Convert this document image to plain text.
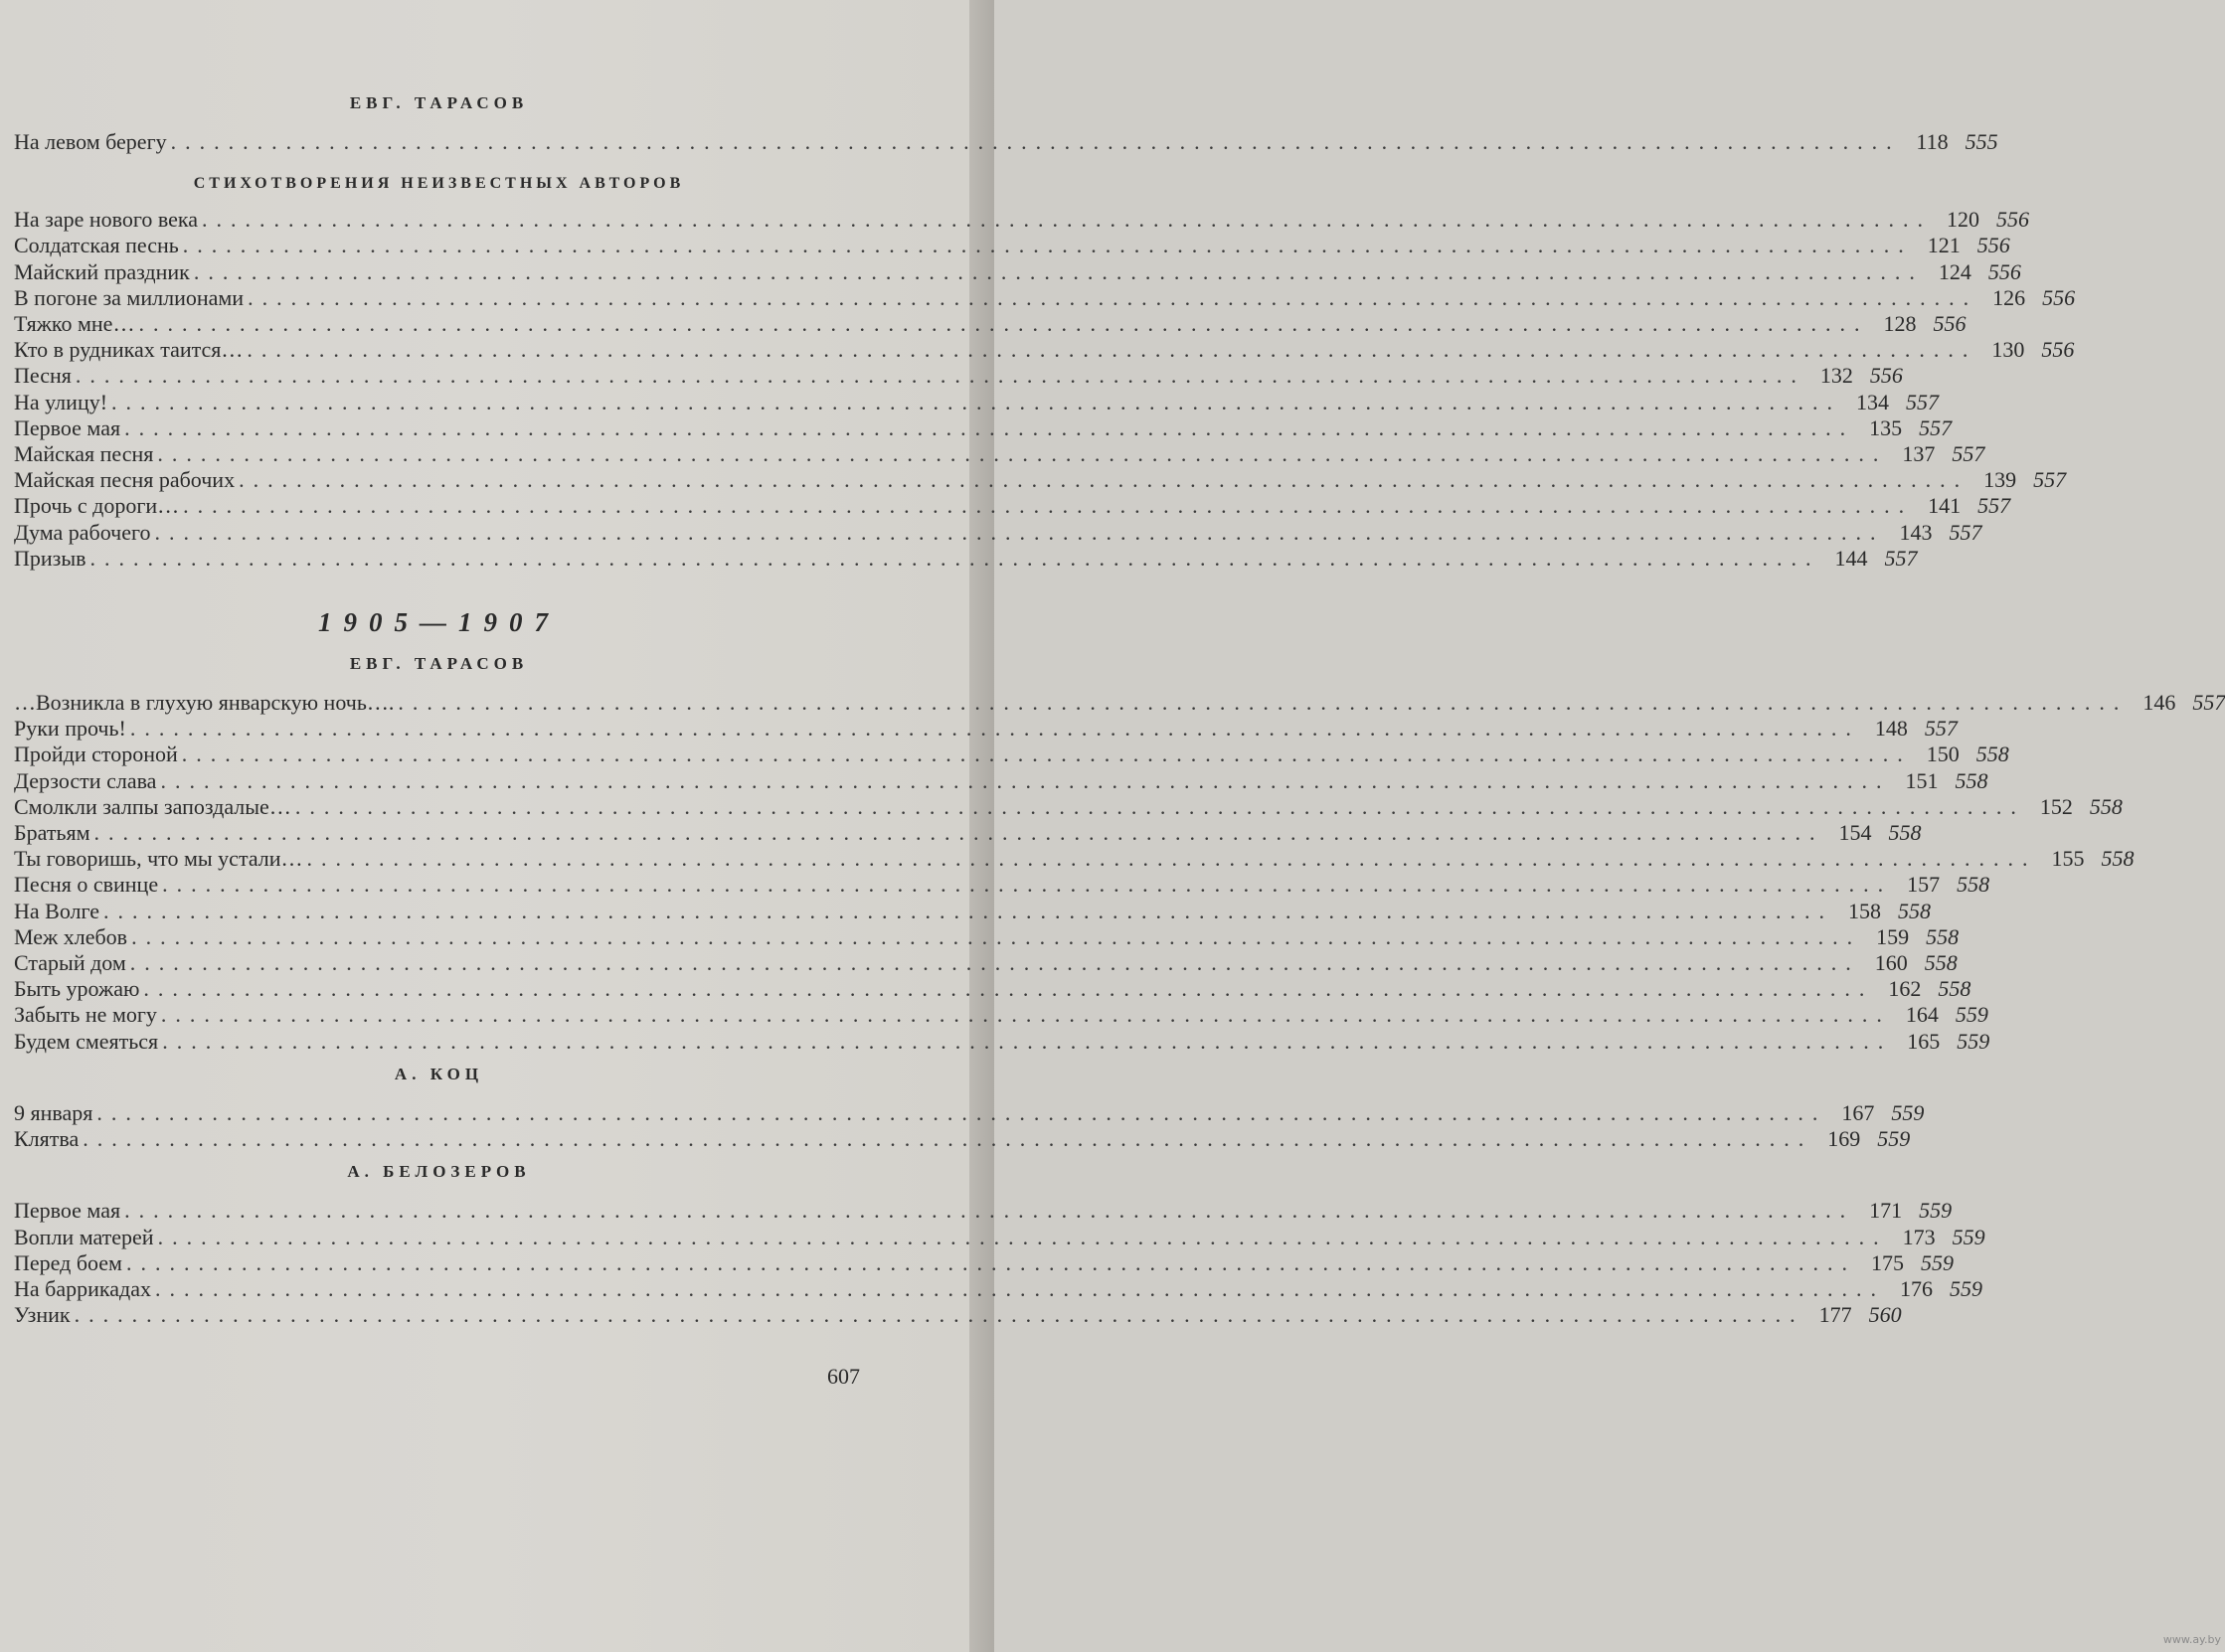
ЕВГ. ТАРАСОВ
На левом берегу ........................................................................................................................ 118 555
СТИХОТВОРЕНИЯ НЕИЗВЕСТНЫХ АВТОРОВ
На заре нового века ........................................................................................................................ 120 556
Солдатская песнь ........................................................................................................................ 121 556
Майский праздник ........................................................................................................................ 124 556
В погоне за миллионами ........................................................................................................................ 126 556
Тяжко мне… ........................................................................................................................ 128 556
Кто в рудниках таится… ........................................................................................................................ 130 556
Песня ........................................................................................................................ 132 556
На улицу! ........................................................................................................................ 134 557
Первое мая ........................................................................................................................ 135 557
Майская песня ........................................................................................................................ 137 557
Майская песня рабочих ........................................................................................................................ 139 557
Прочь с дороги… ........................................................................................................................ 141 557
Дума рабочего ........................................................................................................................ 143 557
Призыв ........................................................................................................................ 144 557
1905—1907
ЕВГ. ТАРАСОВ
…Возникла в глухую январскую ночь…. ........................................................................................................................ 146 557
Руки прочь! ........................................................................................................................ 148 557
Пройди стороной ........................................................................................................................ 150 558
Дерзости слава ........................................................................................................................ 151 558
Смолкли залпы запоздалые… ........................................................................................................................ 152 558
Братьям ........................................................................................................................ 154 558
Ты говоришь, что мы устали… ........................................................................................................................ 155 558
Песня о свинце ........................................................................................................................ 157 558
На Волге ........................................................................................................................ 158 558
Меж хлебов ........................................................................................................................ 159 558
Старый дом ........................................................................................................................ 160 558
Быть урожаю ........................................................................................................................ 162 558
Забыть не могу ........................................................................................................................ 164 559
Будем смеяться ........................................................................................................................ 165 559
А. КОЦ
9 января ........................................................................................................................ 167 559
Клятва ........................................................................................................................ 169 559
А. БЕЛОЗЕРОВ
Первое мая ........................................................................................................................ 171 559
Вопли матерей ........................................................................................................................ 173 559
Перед боем ........................................................................................................................ 175 559
На баррикадах ........................................................................................................................ 176 559
Узник ........................................................................................................................ 177 560
607
www.ay.by
